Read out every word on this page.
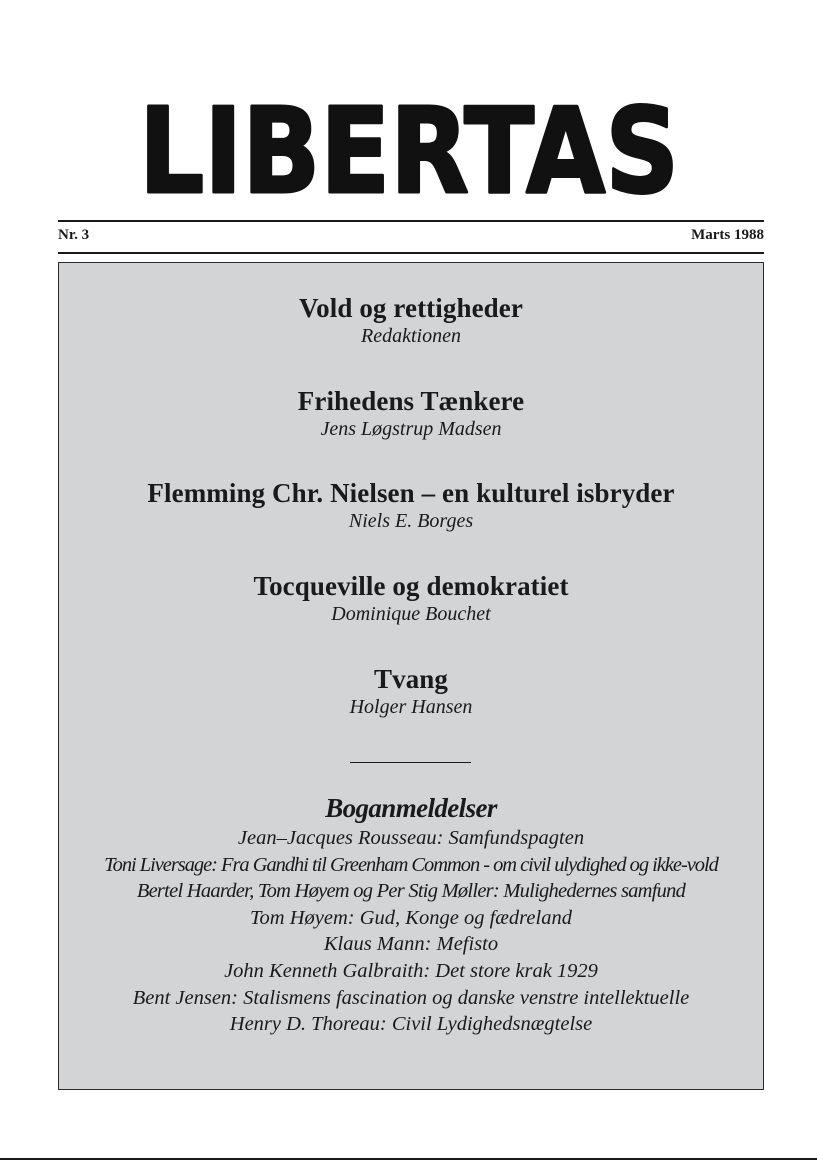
LIBERTAS
Nr. 3	Marts 1988
Vold og rettigheder
Redaktionen
Frihedens Tænkere
Jens Løgstrup Madsen
Flemming Chr. Nielsen – en kulturel isbryder
Niels E. Borges
Tocqueville og demokratiet
Dominique Bouchet
Tvang
Holger Hansen
Boganmeldelser
Jean–Jacques Rousseau: Samfundspagten
Toni Liversage: Fra Gandhi til Greenham Common - om civil ulydighed og ikke-vold
Bertel Haarder, Tom Høyem og Per Stig Møller: Mulighedernes samfund
Tom Høyem: Gud, Konge og fædreland
Klaus Mann: Mefisto
John Kenneth Galbraith: Det store krak 1929
Bent Jensen: Stalismens fascination og danske venstre intellektuelle
Henry D. Thoreau: Civil Lydighedsnægtelse
